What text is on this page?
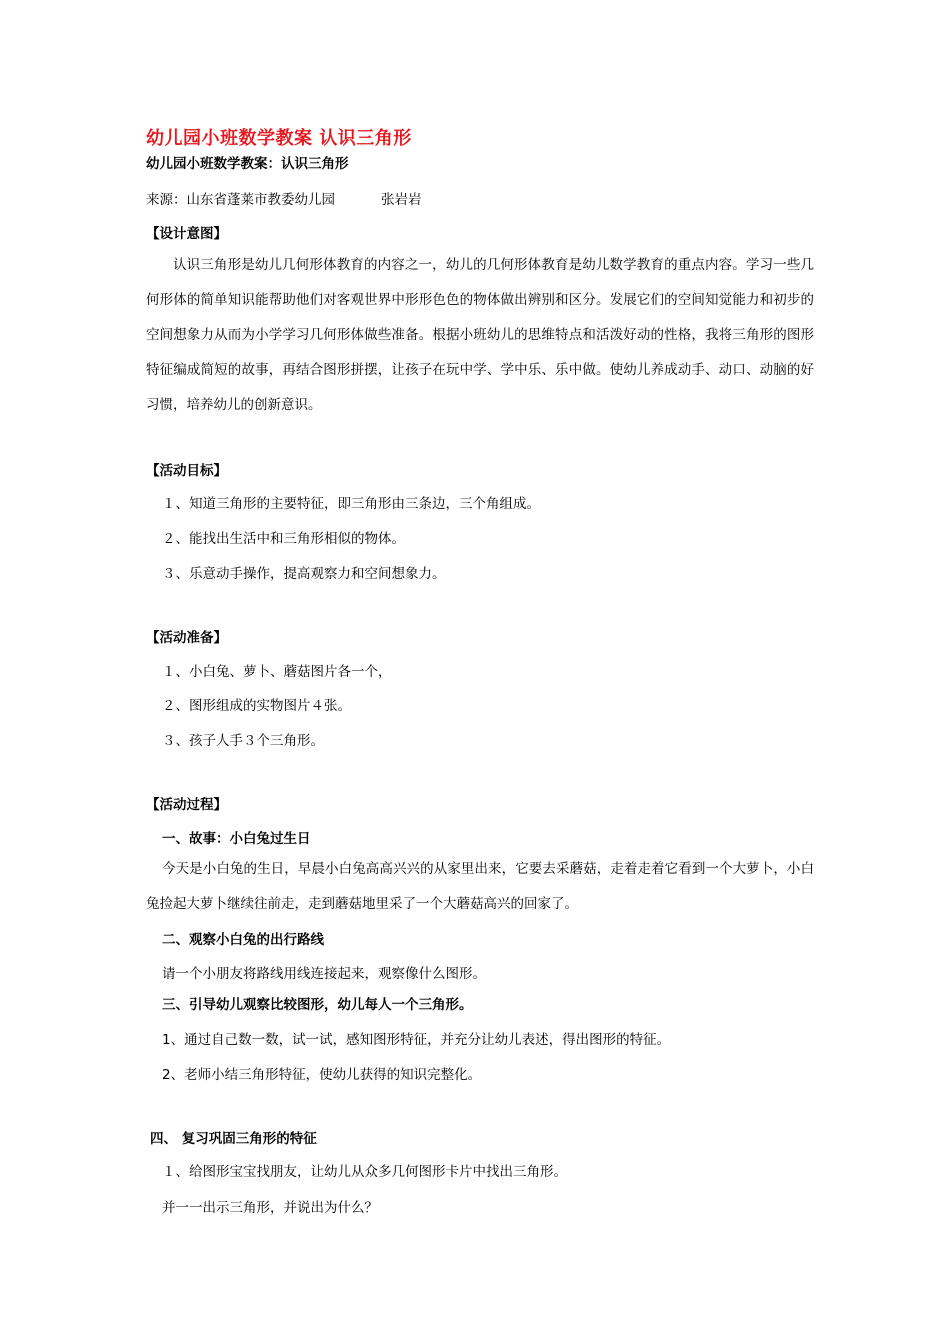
幼儿园小班数学教案 认识三角形
幼儿园小班数学教案：认识三角形
来源：山东省蓬莱市教委幼儿园	张岩岩
【设计意图】
认识三角形是幼儿几何形体教育的内容之一，幼儿的几何形体教育是幼儿数学教育的重点内容。学习一些几何形体的简单知识能帮助他们对客观世界中形形色色的物体做出辨别和区分。发展它们的空间知觉能力和初步的空间想象力从而为小学学习几何形体做些准备。根据小班幼儿的思维特点和活泼好动的性格，我将三角形的图形特征编成简短的故事，再结合图形拼摆，让孩子在玩中学、学中乐、乐中做。使幼儿养成动手、动口、动脑的好习惯，培养幼儿的创新意识。
【活动目标】
１、知道三角形的主要特征，即三角形由三条边，三个角组成。
２、能找出生活中和三角形相似的物体。
３、乐意动手操作，提高观察力和空间想象力。
【活动准备】
１、小白兔、萝卜、蘑菇图片各一个，
２、图形组成的实物图片４张。
３、孩子人手３个三角形。
【活动过程】
一、故事：小白兔过生日
今天是小白兔的生日，早晨小白兔高高兴兴的从家里出来，它要去采蘑菇，走着走着它看到一个大萝卜，小白兔捡起大萝卜继续往前走，走到蘑菇地里采了一个大蘑菇高兴的回家了。
二、观察小白兔的出行路线
请一个小朋友将路线用线连接起来，观察像什么图形。
三、引导幼儿观察比较图形，幼儿每人一个三角形。
1、通过自己数一数，试一试，感知图形特征，并充分让幼儿表述，得出图形的特征。
2、老师小结三角形特征，使幼儿获得的知识完整化。
四、 复习巩固三角形的特征
１、给图形宝宝找朋友，让幼儿从众多几何图形卡片中找出三角形。
并一一出示三角形，并说出为什么？
